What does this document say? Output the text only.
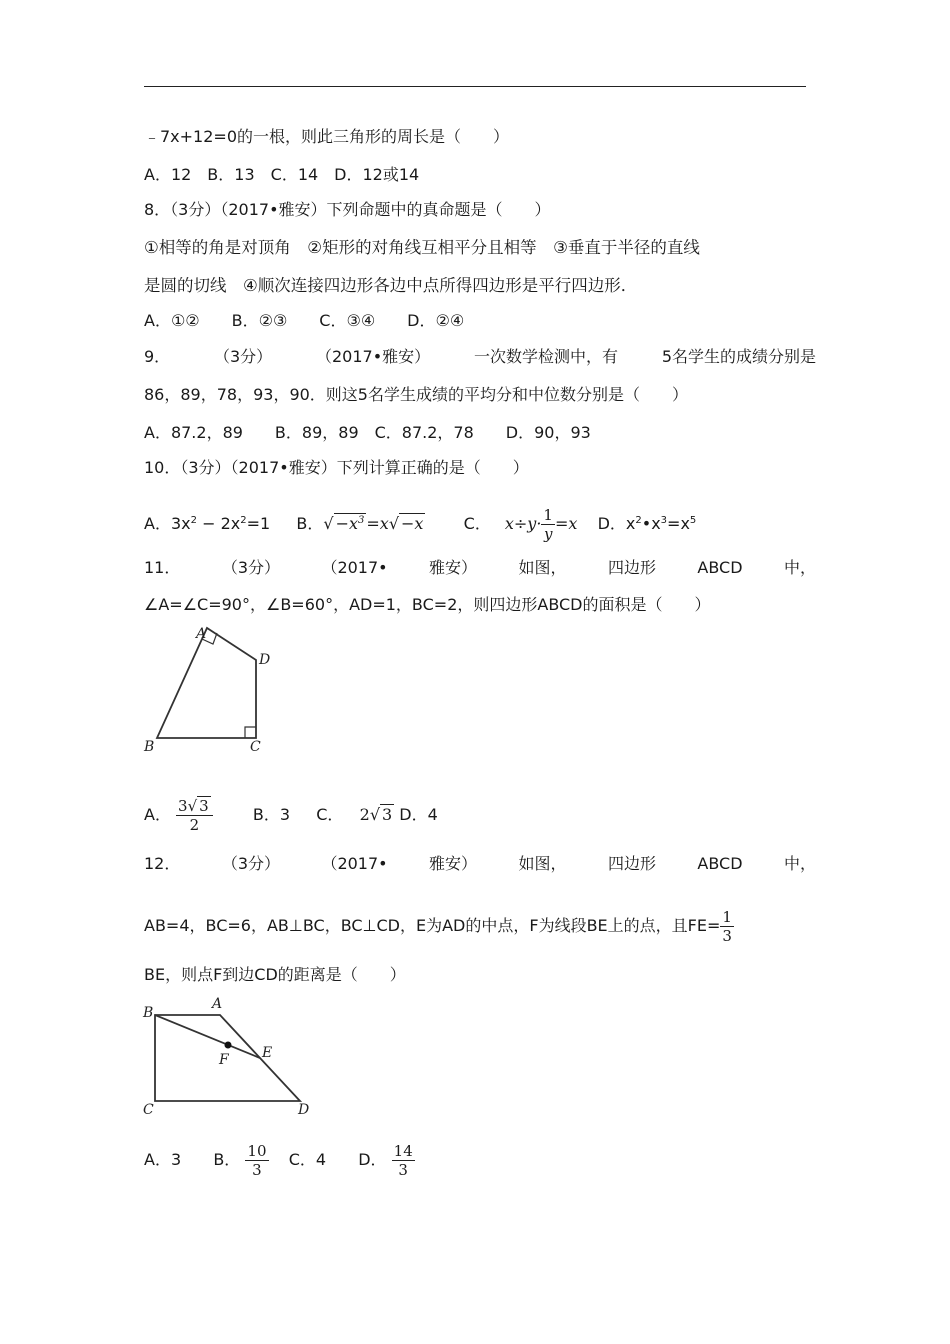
﹣7x+12=0的一根，则此三角形的周长是（　　）
A．12　B．13　C．14　D．12或14
8．（3分）（2017•雅安）下列命题中的真命题是（　　）
①相等的角是对顶角　②矩形的对角线互相平分且相等　③垂直于半径的直线
是圆的切线　④顺次连接四边形各边中点所得四边形是平行四边形．
A．①②　　B．②③　　C．③④　　D．②④
9．	（3分）	（2017•雅安）	一次数学检测中，有	5名学生的成绩分别是
86，89，78，93，90．则这5名学生成绩的平均分和中位数分别是（　　）
A．87.2，89　　B．89，89　C．87.2，78　　D．90，93
10．（3分）（2017•雅安）下列计算正确的是（　　）
A．$3x^2 - 2x^2=1$ B．√ $-x^3 =x√ -x$	C． $x\div y\cdot \frac{1}{y} =x$ D．$x^2•x^3=x^5$
11．	（3分）	（2017•	雅安）	如图，	四边形	ABCD	中，
∠A=∠C=90°，∠B=60°，AD=1，BC=2，则四边形ABCD的面积是（　　）
A
D
B	C
A． $\frac{3√ 3}{2}$	B．3 C． 2√ 3 D．4
12．	（3分）	（2017•	雅安）	如图，	四边形	ABCD	中，
AB=4，BC=6，AB⊥BC，BC⊥CD，E为AD的中点，F为线段BE上的点，且$FE= \frac{1}{3}$
BE，则点F到边CD的距离是（　　）
B
A
E
F
C	D
A．3 B． $\frac{10}{3}$ C．4 D． $\frac{14}{3}$
